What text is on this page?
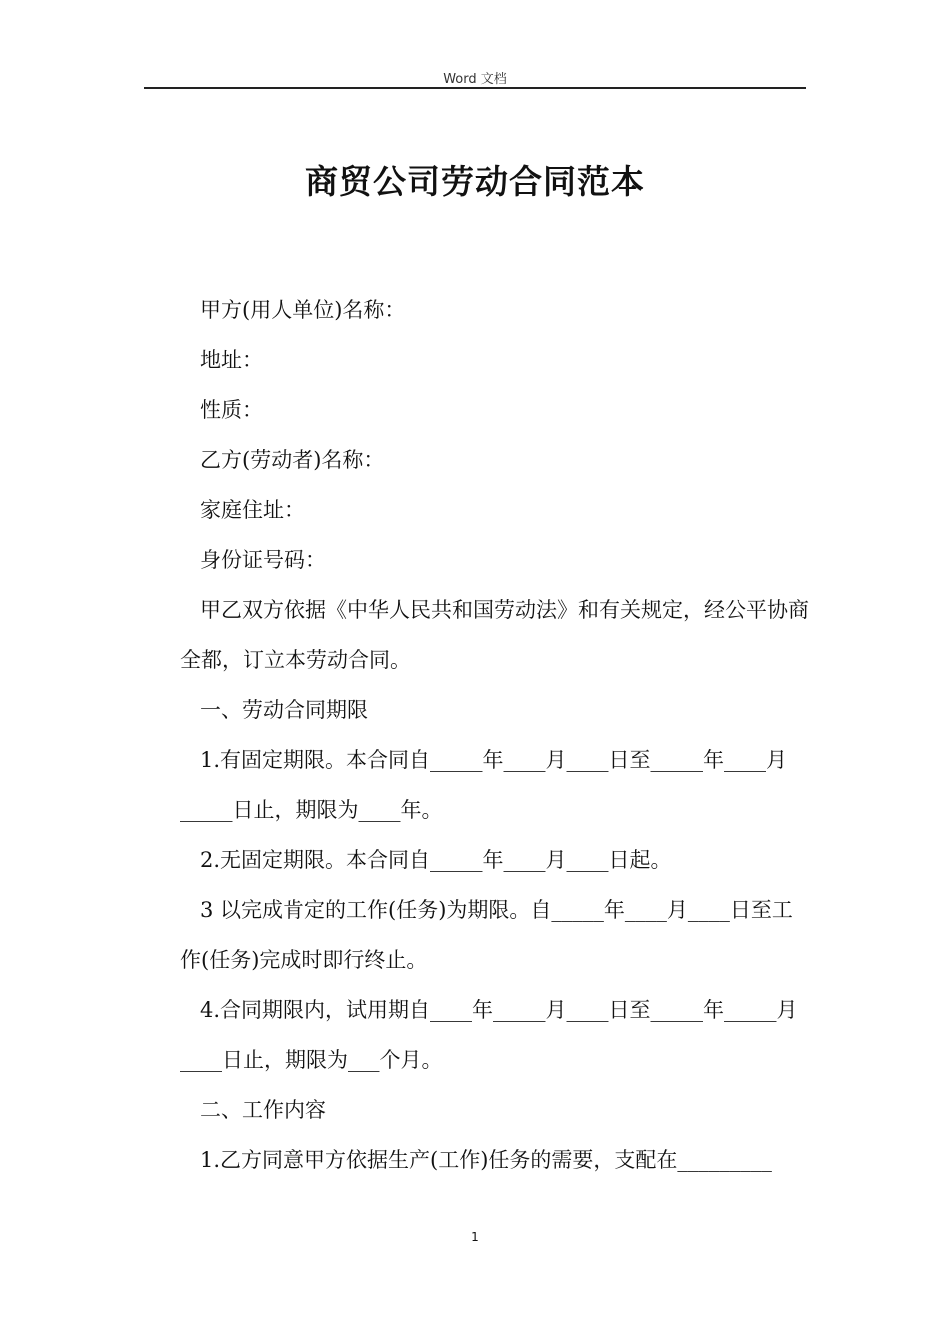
Word 文档
商贸公司劳动合同范本

甲方(用人单位)名称：

地址：

性质：

乙方(劳动者)名称：

家庭住址：

身份证号码：

甲乙双方依据《中华人民共和国劳动法》和有关规定，经公平协商全都，订立本劳动合同。

一、劳动合同期限

1.有固定期限。本合同自_____年____月____日至_____年____月_____日止，期限为____年。

2.无固定期限。本合同自_____年____月____日起。

3 以完成肯定的工作(任务)为期限。自_____年____月____日至工作(任务)完成时即行终止。

4.合同期限内，试用期自____年_____月____日至_____年_____月____日止，期限为___个月。

二、工作内容

1.乙方同意甲方依据生产(工作)任务的需要，支配在_________

1
